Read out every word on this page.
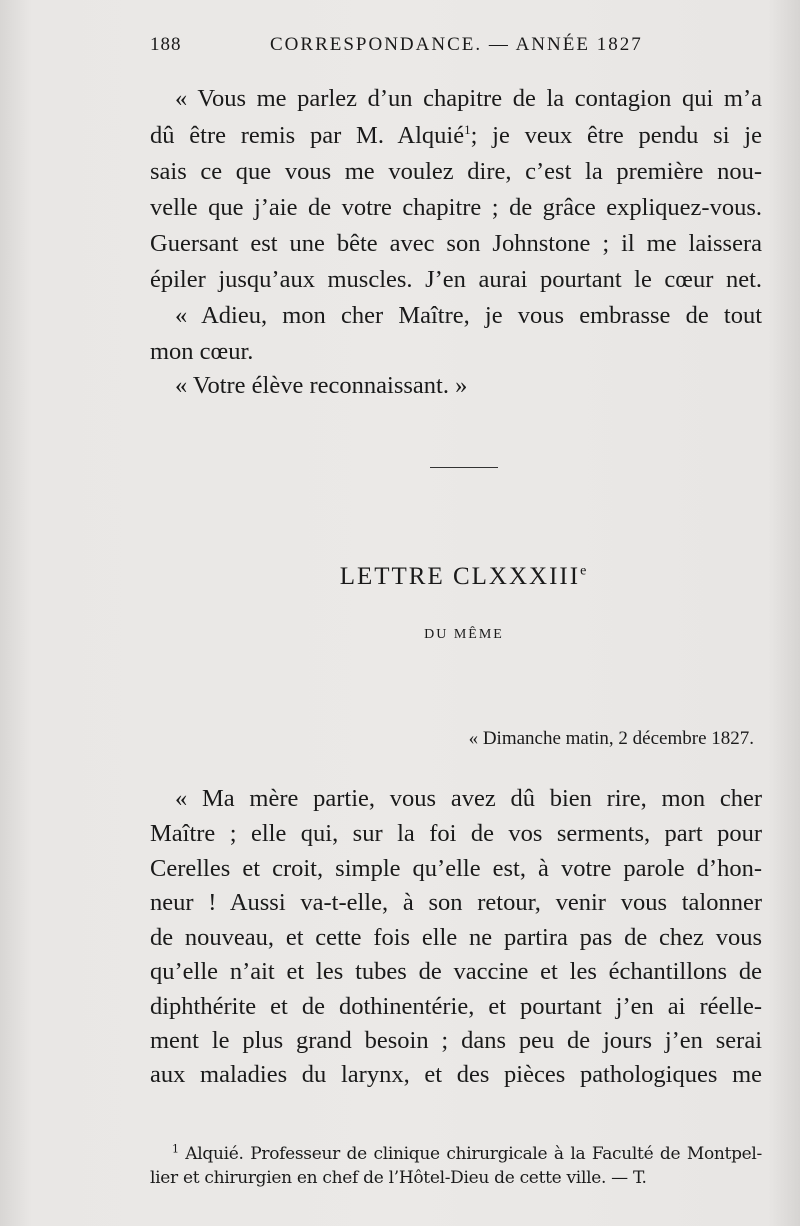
188	CORRESPONDANCE. — ANNÉE 1827
« Vous me parlez d’un chapitre de la contagion qui m’a
dû être remis par M. Alquié$^1$; je veux être pendu si je
sais ce que vous me voulez dire, c’est la première nou-
velle que j’aie de votre chapitre ; de grâce expliquez-vous.
Guersant est une bête avec son Johnstone ; il me laissera
épiler jusqu’aux muscles. J’en aurai pourtant le cœur net.
« Adieu, mon cher Maître, je vous embrasse de tout
mon cœur.
« Votre élève reconnaissant. »
LETTRE CLXXXIIIe
DU MÊME
« Dimanche matin, 2 décembre 1827.
« Ma mère partie, vous avez dû bien rire, mon cher
Maître ; elle qui, sur la foi de vos serments, part pour
Cerelles et croit, simple qu’elle est, à votre parole d’hon-
neur ! Aussi va-t-elle, à son retour, venir vous talonner
de nouveau, et cette fois elle ne partira pas de chez vous
qu’elle n’ait et les tubes de vaccine et les échantillons de
diphthérite et de dothinentérie, et pourtant j’en ai réelle-
ment le plus grand besoin ; dans peu de jours j’en serai
aux maladies du larynx, et des pièces pathologiques me
$^1$ Alquié. Professeur de clinique chirurgicale à la Faculté de Montpel-
lier et chirurgien en chef de l’Hôtel-Dieu de cette ville. — T.
